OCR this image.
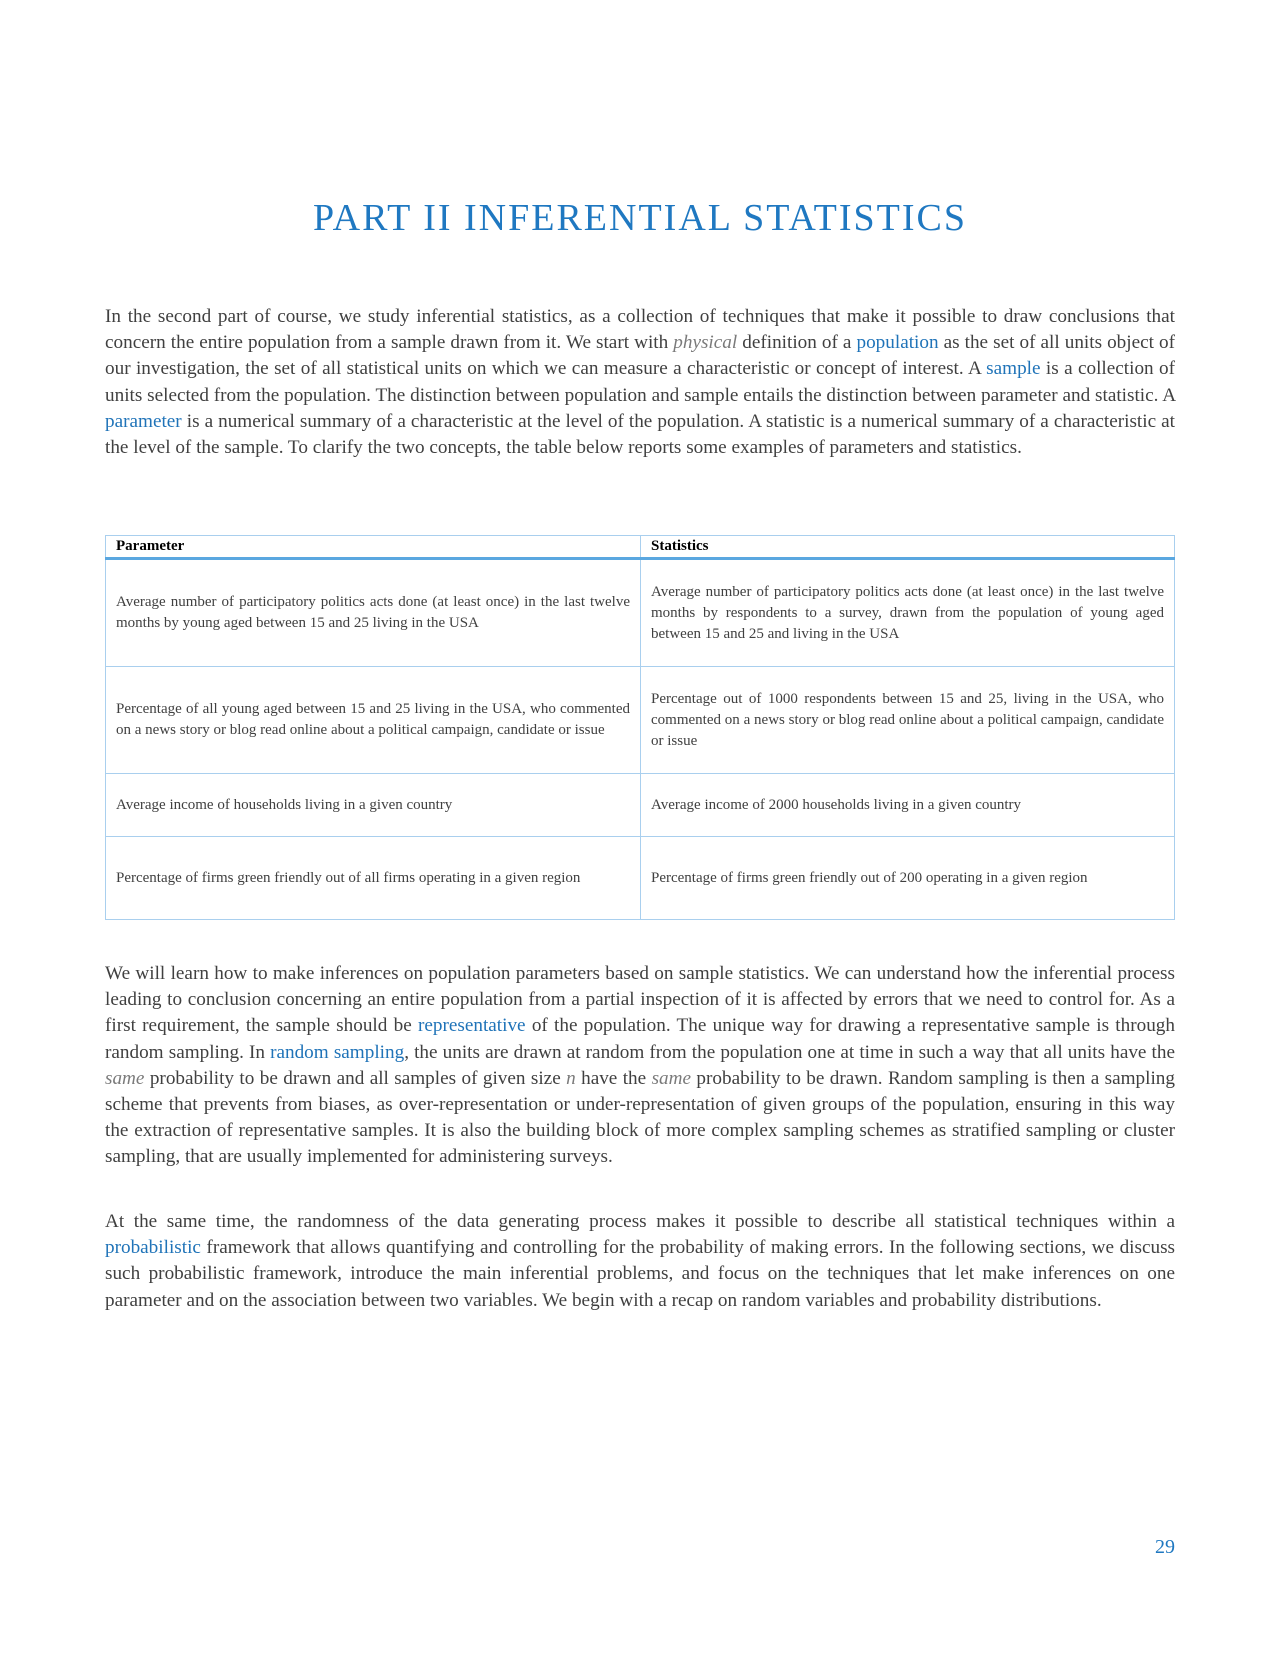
PART II INFERENTIAL STATISTICS

In the second part of course, we study inferential statistics, as a collection of techniques that make it possible to draw conclusions that concern the entire population from a sample drawn from it. We start with physical definition of a population as the set of all units object of our investigation, the set of all statistical units on which we can measure a characteristic or concept of interest. A sample is a collection of units selected from the population. The distinction between population and sample entails the distinction between parameter and statistic. A parameter is a numerical summary of a characteristic at the level of the population. A statistic is a numerical summary of a characteristic at the level of the sample. To clarify the two concepts, the table below reports some examples of parameters and statistics.

Parameter	Statistics
Average number of participatory politics acts done (at least once) in the last twelve months by young aged between 15 and 25 living in the USA	Average number of participatory politics acts done (at least once) in the last twelve months by respondents to a survey, drawn from the population of young aged between 15 and 25 and living in the USA
Percentage of all young aged between 15 and 25 living in the USA, who commented on a news story or blog read online about a political campaign, candidate or issue	Percentage out of 1000 respondents between 15 and 25, living in the USA, who commented on a news story or blog read online about a political campaign, candidate or issue
Average income of households living in a given country	Average income of 2000 households living in a given country
Percentage of firms green friendly out of all firms operating in a given region	Percentage of firms green friendly out of 200 operating in a given region

We will learn how to make inferences on population parameters based on sample statistics. We can understand how the inferential process leading to conclusion concerning an entire population from a partial inspection of it is affected by errors that we need to control for. As a first requirement, the sample should be representative of the population. The unique way for drawing a representative sample is through random sampling. In random sampling, the units are drawn at random from the population one at time in such a way that all units have the same probability to be drawn and all samples of given size n have the same probability to be drawn. Random sampling is then a sampling scheme that prevents from biases, as over-representation or under-representation of given groups of the population, ensuring in this way the extraction of representative samples. It is also the building block of more complex sampling schemes as stratified sampling or cluster sampling, that are usually implemented for administering surveys.

At the same time, the randomness of the data generating process makes it possible to describe all statistical techniques within a probabilistic framework that allows quantifying and controlling for the probability of making errors. In the following sections, we discuss such probabilistic framework, introduce the main inferential problems, and focus on the techniques that let make inferences on one parameter and on the association between two variables. We begin with a recap on random variables and probability distributions.

29
